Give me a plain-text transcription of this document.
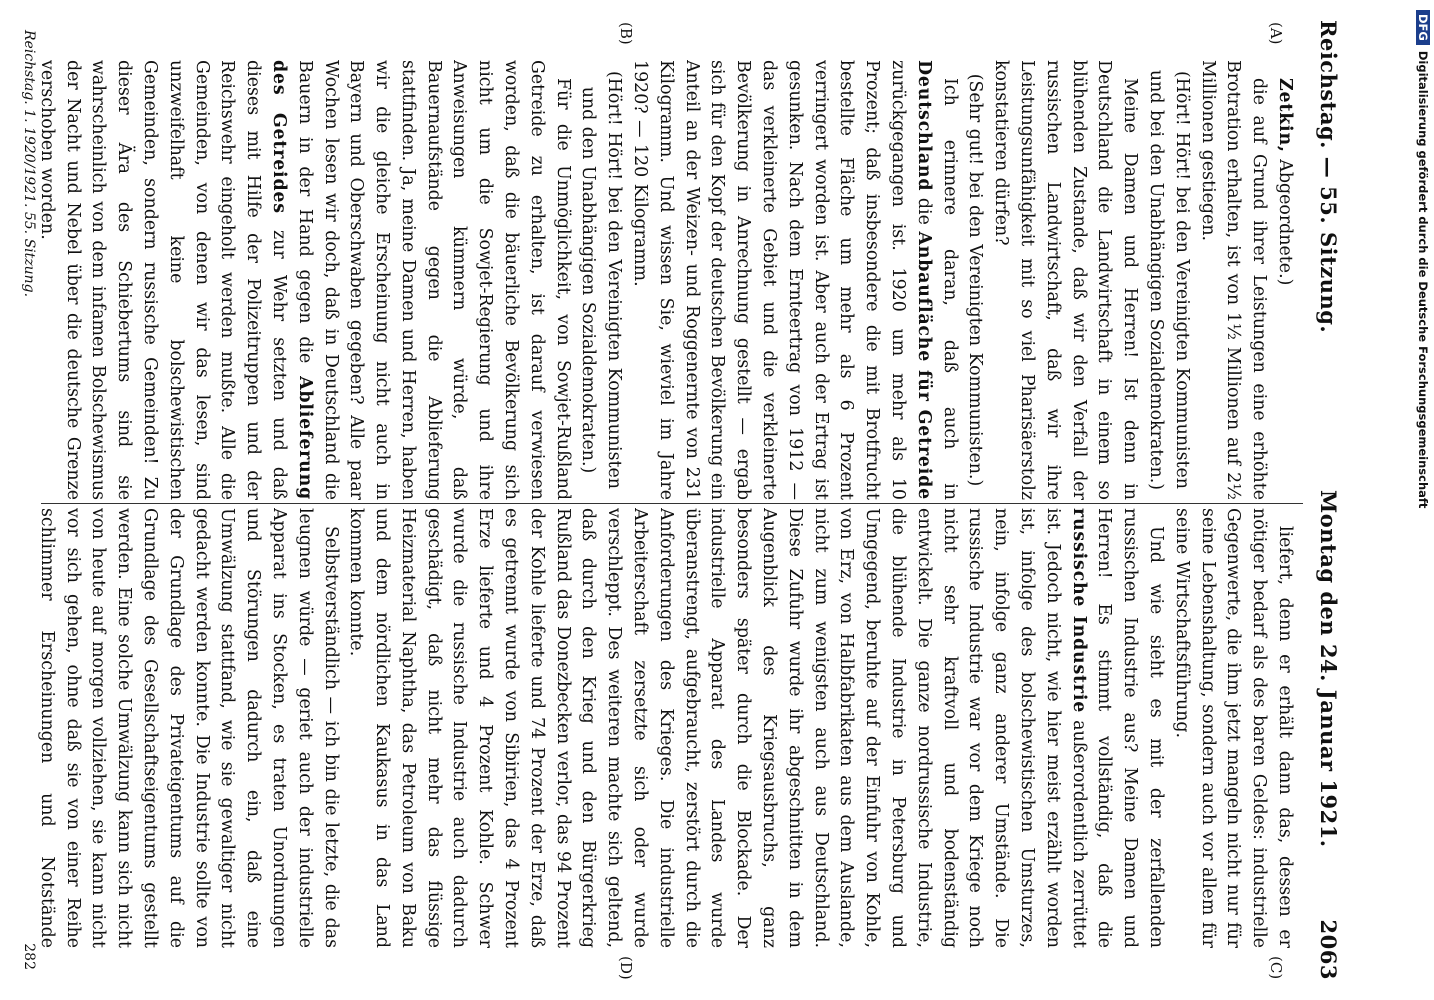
Reichstag. — 55. Sitzung.
Montag den 24. Januar 1921.
2063
(A)
(B)
(C)
(D)

Zetkin, Abgeordnete.)

die auf Grund ihrer Leistungen eine erhöhte Brotration erhalten, ist von 1½ Millionen auf 2½ Millionen gestiegen.

(Hört! Hört! bei den Vereinigten Kommunisten und bei den Unabhängigen Sozialdemokraten.)

Meine Damen und Herren! Ist denn in Deutschland die Landwirtschaft in einem so blühenden Zustande, daß wir den Verfall der russischen Landwirtschaft, daß wir ihre Leistungsunfähigkeit mit so viel Pharisäerstolz konstatieren dürfen?

(Sehr gut! bei den Vereinigten Kommunisten.)

Ich erinnere daran, daß auch in Deutschland die Anbaufläche für Getreide zurückgegangen ist. 1920 um mehr als 10 Prozent; daß insbesondere die mit Brotfrucht bestellte Fläche um mehr als 6 Prozent verringert worden ist. Aber auch der Ertrag ist gesunken. Nach dem Ernteertrag von 1912 — das verkleinerte Gebiet und die verkleinerte Bevölkerung in Anrechnung gestellt — ergab sich für den Kopf der deutschen Bevölkerung ein Anteil an der Weizen- und Roggenernte von 231 Kilogramm. Und wissen Sie, wieviel im Jahre 1920? — 120 Kilogramm.

(Hört! Hört! bei den Vereinigten Kommunisten und den Unabhängigen Sozialdemokraten.)

Für die Unmöglichkeit, von Sowjet-Rußland Getreide zu erhalten, ist darauf verwiesen worden, daß die bäuerliche Bevölkerung sich nicht um die Sowjet-Regierung und ihre Anweisungen kümmern würde, daß Bauernaufstände gegen die Ablieferung stattfinden. Ja, meine Damen und Herren, haben wir die gleiche Erscheinung nicht auch in Bayern und Oberschwaben gegeben? Alle paar Wochen lesen wir doch, daß in Deutschland die Bauern in der Hand gegen die Ablieferung des Getreides zur Wehr setzten und daß dieses mit Hilfe der Polizeitruppen und der Reichswehr eingeholt werden mußte. Alle die Gemeinden, von denen wir das lesen, sind unzweifelhaft keine bolschewistischen Gemeinden, sondern russische Gemeinden! Zu dieser Ära des Schiebertums sind sie wahrscheinlich von dem infamen Bolschewismus der Nacht und Nebel über die deutsche Grenze verschoben worden.

liefert, denn er erhält dann das, dessen er nötiger bedarf als des baren Geldes: industrielle Gegenwerte, die ihm jetzt mangeln nicht nur für seine Lebenshaltung, sondern auch vor allem für seine Wirtschaftsführung.

Und wie sieht es mit der zerfallenden russischen Industrie aus? Meine Damen und Herren! Es stimmt vollständig, daß die russische Industrie außerordentlich zerrüttet ist. Jedoch nicht, wie hier meist erzählt worden ist, infolge des bolschewistischen Umsturzes, nein, infolge ganz anderer Umstände. Die russische Industrie war vor dem Kriege noch nicht sehr kraftvoll und bodenständig entwickelt. Die ganze nordrussische Industrie, die blühende Industrie in Petersburg und Umgegend, beruhte auf der Einfuhr von Kohle, von Erz, von Halbfabrikaten aus dem Auslande, nicht zum wenigsten auch aus Deutschland. Diese Zufuhr wurde ihr abgeschnitten in dem Augenblick des Kriegsausbruchs, ganz besonders später durch die Blockade. Der industrielle Apparat des Landes wurde überanstrengt, aufgebraucht, zerstört durch die Anforderungen des Krieges. Die industrielle Arbeiterschaft zersetzte sich oder wurde verschleppt. Des weiteren machte sich geltend, daß durch den Krieg und den Bürgerkrieg Rußland das Donezbecken verlor, das 94 Prozent der Kohle lieferte und 74 Prozent der Erze, daß es getrennt wurde von Sibirien, das 4 Prozent Erze lieferte und 4 Prozent Kohle. Schwer wurde die russische Industrie auch dadurch geschädigt, daß nicht mehr das flüssige Heizmaterial Naphtha, das Petroleum von Baku und dem nördlichen Kaukasus in das Land kommen konnte.

Selbstverständlich — ich bin die letzte, die das leugnen würde — geriet auch der industrielle Apparat ins Stocken, es traten Unordnungen und Störungen dadurch ein, daß eine Umwälzung stattfand, wie sie gewaltiger nicht gedacht werden konnte. Die Industrie sollte von der Grundlage des Privateigentums auf die Grundlage des Gesellschaftseigentums gestellt werden. Eine solche Umwälzung kann sich nicht von heute auf morgen vollziehen, sie kann nicht vor sich gehen, ohne daß sie von einer Reihe schlimmer Erscheinungen und Notstände

Reichstag. 1. 1920/1921. 55. Sitzung.
282
DFGDigitalisierung gefördert durch die Deutsche Forschungsgemeinschaft
